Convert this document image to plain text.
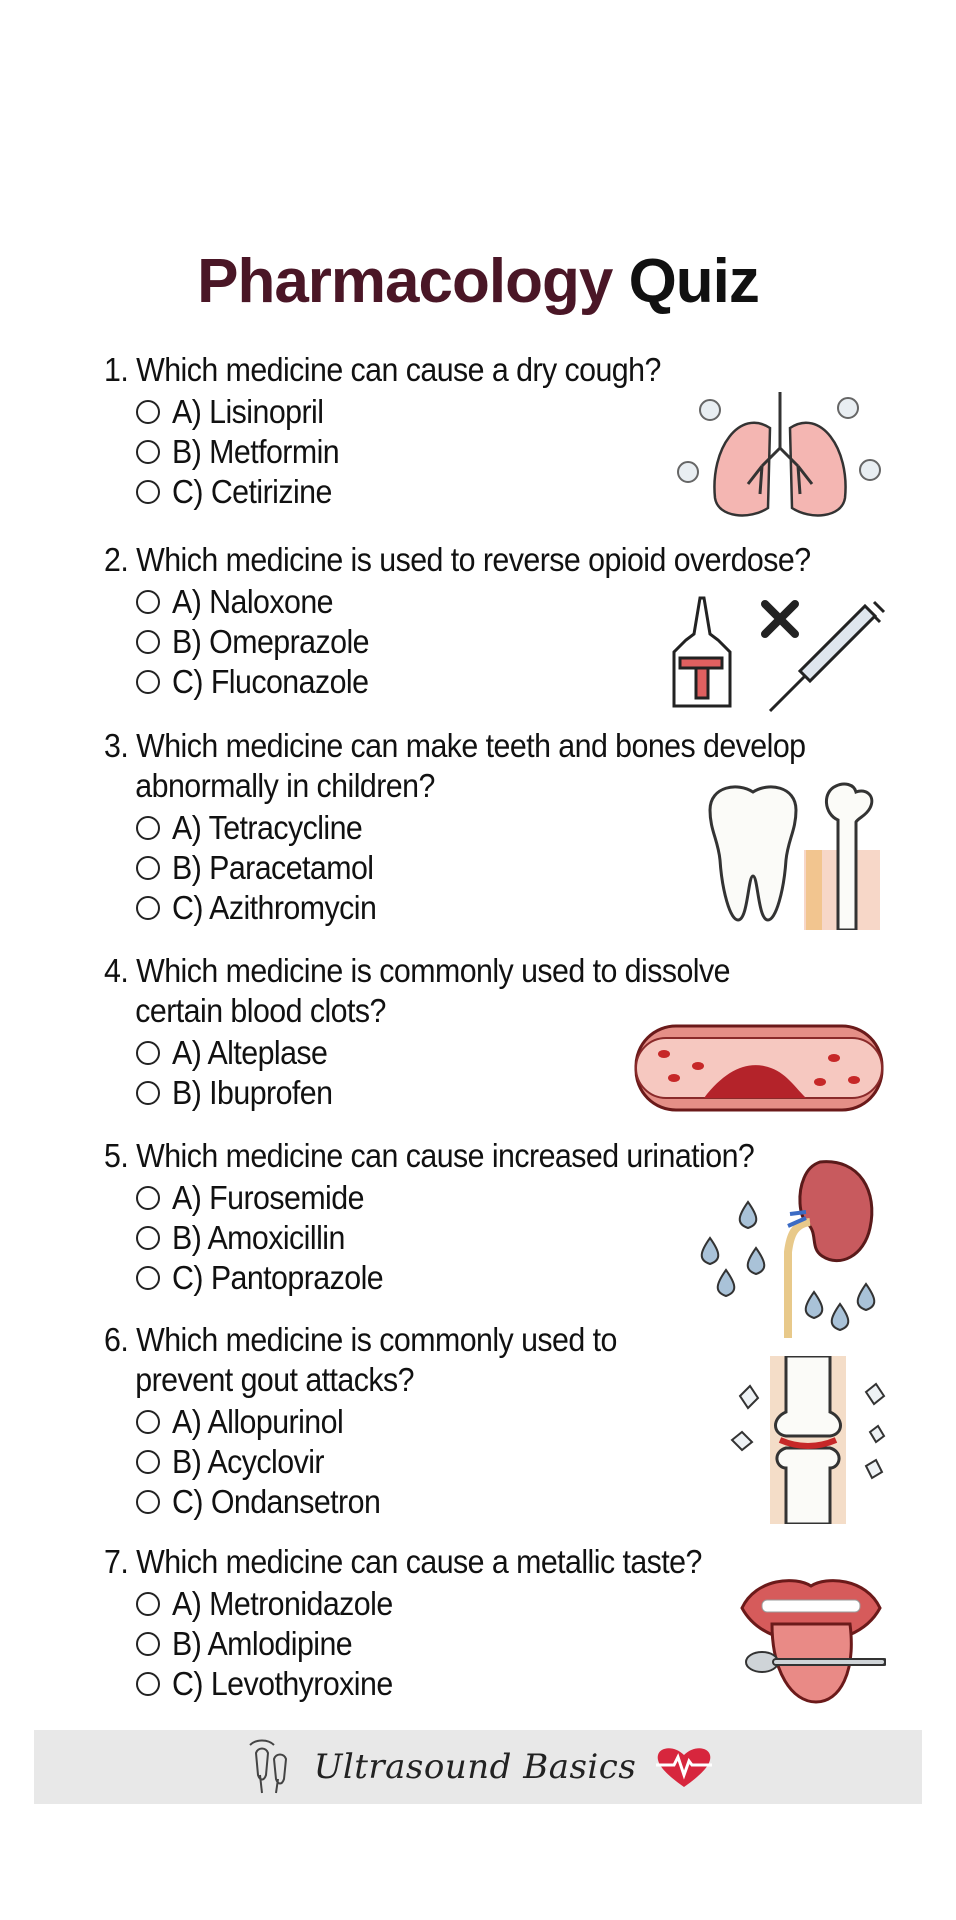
Pharmacology Quiz
1. Which medicine can cause a dry cough?
A) Lisinopril
B) Metformin
C) Cetirizine
2. Which medicine is used to reverse opioid overdose?
A) Naloxone
B) Omeprazole
C) Fluconazole
3. Which medicine can make teeth and bones develop
abnormally in children?
A) Tetracycline
B) Paracetamol
C) Azithromycin
4. Which medicine is commonly used to dissolve
certain blood clots?
A) Alteplase
B) Ibuprofen
5. Which medicine can cause increased urination?
A) Furosemide
B) Amoxicillin
C) Pantoprazole
6. Which medicine is commonly used to
prevent gout attacks?
A) Allopurinol
B) Acyclovir
C) Ondansetron
7. Which medicine can cause a metallic taste?
A) Metronidazole
B) Amlodipine
C) Levothyroxine
Ultrasound Basics
